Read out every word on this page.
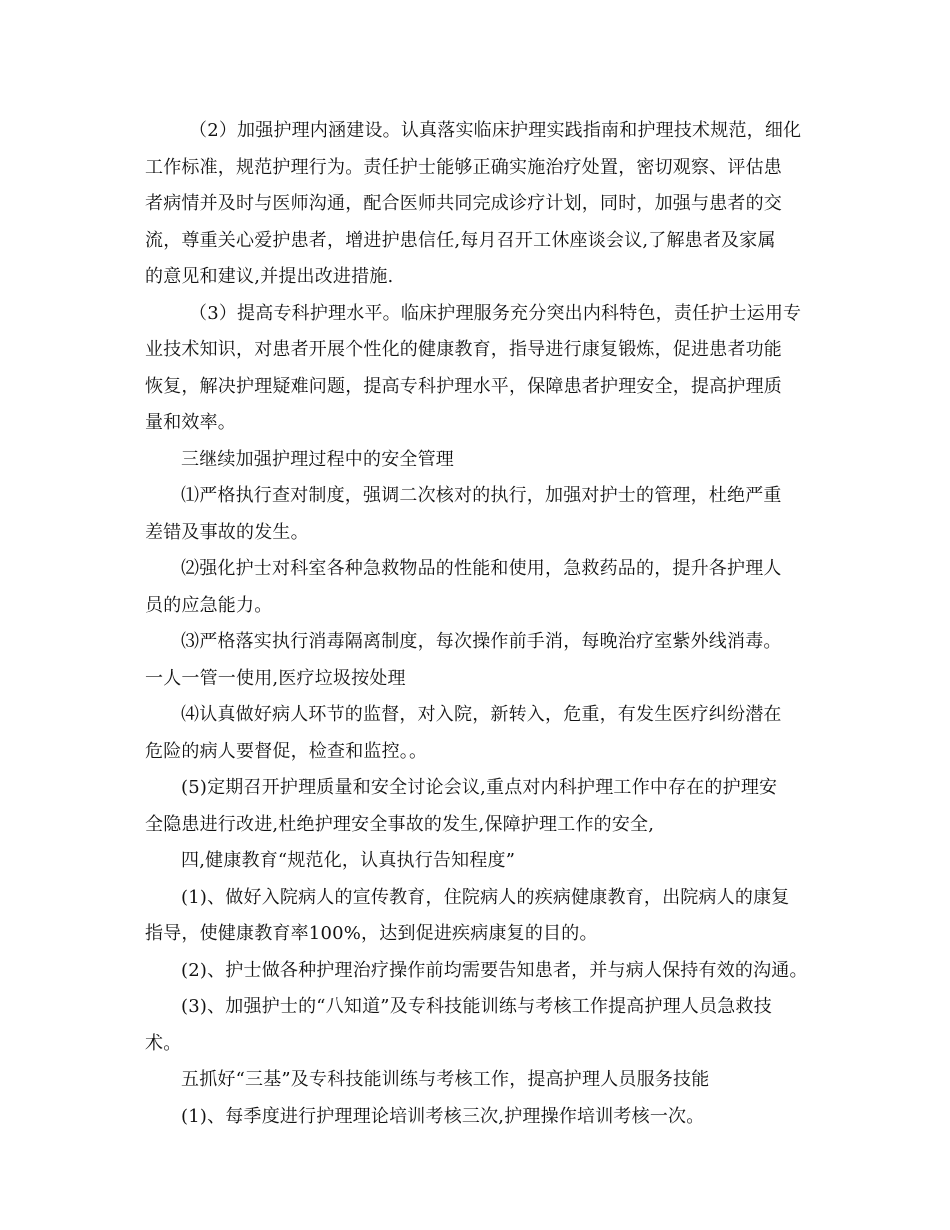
（2）加强护理内涵建设。认真落实临床护理实践指南和护理技术规范，细化
工作标准，规范护理行为。责任护士能够正确实施治疗处置，密切观察、评估患
者病情并及时与医师沟通，配合医师共同完成诊疗计划，同时，加强与患者的交
流，尊重关心爱护患者，增进护患信任,每月召开工休座谈会议,了解患者及家属
的意见和建议,并提出改进措施.
（3）提高专科护理水平。临床护理服务充分突出内科特色，责任护士运用专
业技术知识，对患者开展个性化的健康教育，指导进行康复锻炼，促进患者功能
恢复，解决护理疑难问题，提高专科护理水平，保障患者护理安全，提高护理质
量和效率。
三继续加强护理过程中的安全管理
⑴严格执行查对制度，强调二次核对的执行，加强对护士的管理，杜绝严重
差错及事故的发生。
⑵强化护士对科室各种急救物品的性能和使用，急救药品的，提升各护理人
员的应急能力。
⑶严格落实执行消毒隔离制度，每次操作前手消，每晚治疗室紫外线消毒。
一人一管一使用,医疗垃圾按处理
⑷认真做好病人环节的监督，对入院，新转入，危重，有发生医疗纠纷潜在
危险的病人要督促，检查和监控。。
(5)定期召开护理质量和安全讨论会议,重点对内科护理工作中存在的护理安
全隐患进行改进,杜绝护理安全事故的发生,保障护理工作的安全,
四,健康教育“规范化，认真执行告知程度”
(1)、做好入院病人的宣传教育，住院病人的疾病健康教育，出院病人的康复
指导，使健康教育率100%，达到促进疾病康复的目的。
(2)、护士做各种护理治疗操作前均需要告知患者，并与病人保持有效的沟通。
(3)、加强护士的“八知道”及专科技能训练与考核工作提高护理人员急救技
术。
五抓好“三基”及专科技能训练与考核工作，提高护理人员服务技能
(1)、每季度进行护理理论培训考核三次,护理操作培训考核一次。
